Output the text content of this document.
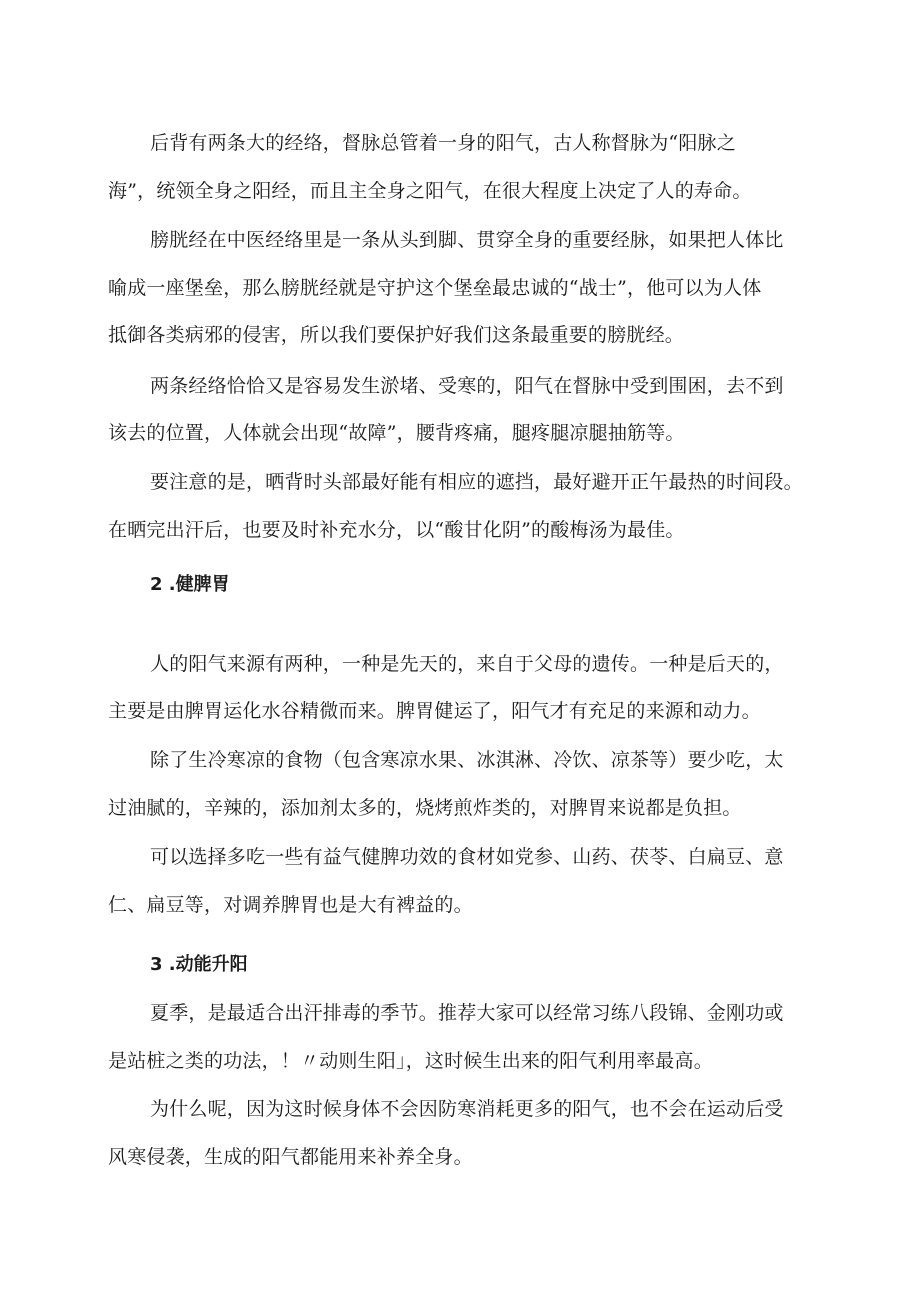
后背有两条大的经络，督脉总管着一身的阳气，古人称督脉为“阳脉之
海”，统领全身之阳经，而且主全身之阳气，在很大程度上决定了人的寿命。
膀胱经在中医经络里是一条从头到脚、贯穿全身的重要经脉，如果把人体比
喻成一座堡垒，那么膀胱经就是守护这个堡垒最忠诚的“战士”，他可以为人体
抵御各类病邪的侵害，所以我们要保护好我们这条最重要的膀胱经。
两条经络恰恰又是容易发生淤堵、受寒的，阳气在督脉中受到围困，去不到
该去的位置，人体就会出现“故障”，腰背疼痛，腿疼腿凉腿抽筋等。
要注意的是，晒背时头部最好能有相应的遮挡，最好避开正午最热的时间段。
在晒完出汗后，也要及时补充水分，以“酸甘化阴”的酸梅汤为最佳。
2 .健脾胃
人的阳气来源有两种，一种是先天的，来自于父母的遗传。一种是后天的，
主要是由脾胃运化水谷精微而来。脾胃健运了，阳气才有充足的来源和动力。
除了生冷寒凉的食物（包含寒凉水果、冰淇淋、冷饮、凉茶等）要少吃，太
过油腻的，辛辣的，添加剂太多的，烧烤煎炸类的，对脾胃来说都是负担。
可以选择多吃一些有益气健脾功效的食材如党参、山药、茯苓、白扁豆、意
仁、扁豆等，对调养脾胃也是大有裨益的。
3 .动能升阳
夏季，是最适合出汗排毒的季节。推荐大家可以经常习练八段锦、金刚功或
是站桩之类的功法，！〃动则生阳」，这时候生出来的阳气利用率最高。
为什么呢，因为这时候身体不会因防寒消耗更多的阳气，也不会在运动后受
风寒侵袭，生成的阳气都能用来补养全身。
